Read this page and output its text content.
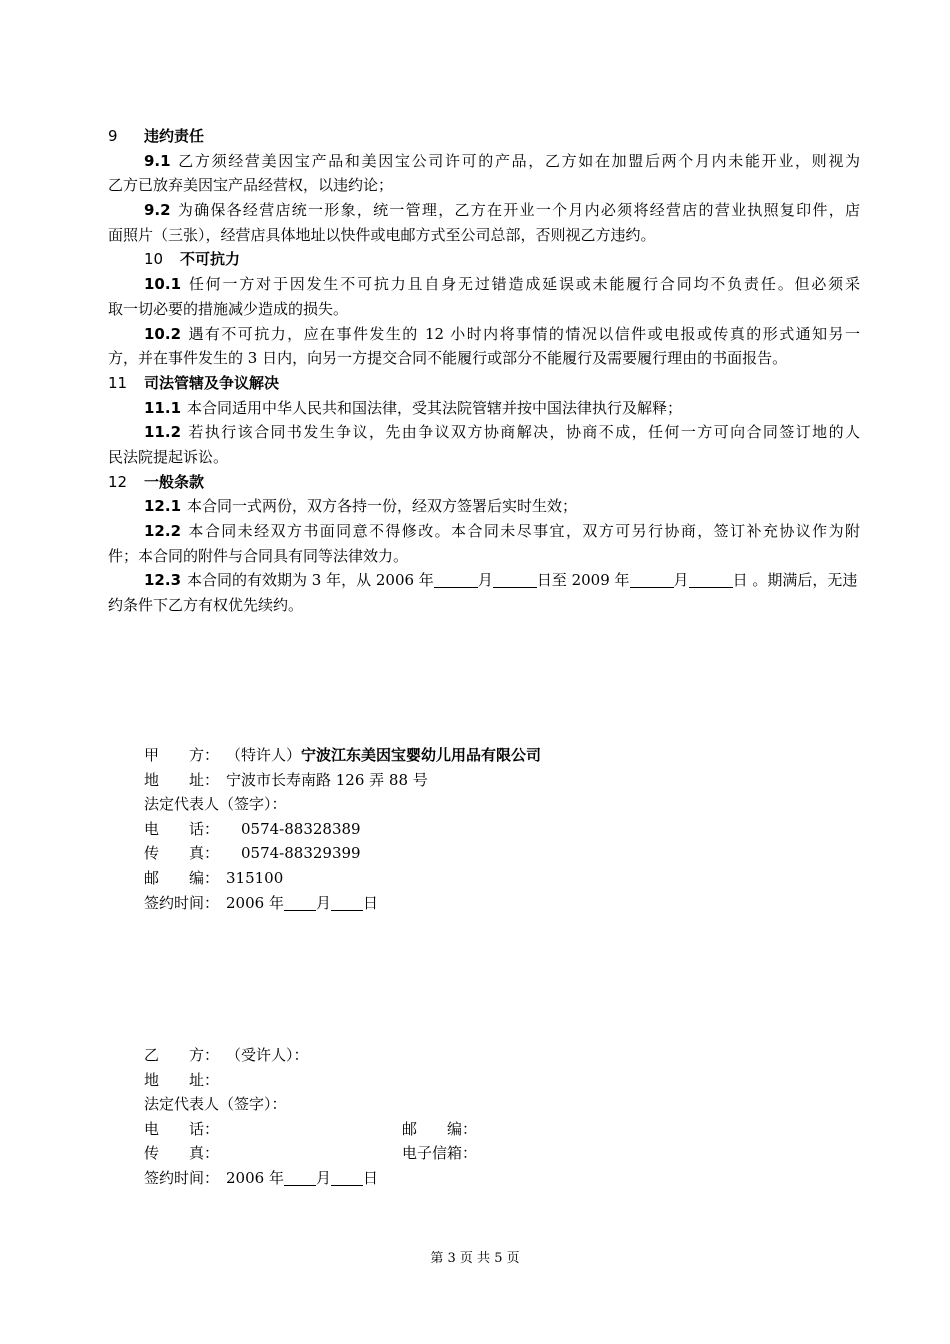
9 违约责任
9.1 乙方须经营美因宝产品和美因宝公司许可的产品，乙方如在加盟后两个月内未能开业，则视为
乙方已放弃美因宝产品经营权，以违约论；
9.2 为确保各经营店统一形象，统一管理，乙方在开业一个月内必须将经营店的营业执照复印件，店
面照片（三张），经营店具体地址以快件或电邮方式至公司总部，否则视乙方违约。
10 不可抗力
10.1 任何一方对于因发生不可抗力且自身无过错造成延误或未能履行合同均不负责任。但必须采
取一切必要的措施减少造成的损失。
10.2 遇有不可抗力，应在事件发生的 12 小时内将事情的情况以信件或电报或传真的形式通知另一
方，并在事件发生的 3 日内，向另一方提交合同不能履行或部分不能履行及需要履行理由的书面报告。
11 司法管辖及争议解决
11.1 本合同适用中华人民共和国法律，受其法院管辖并按中国法律执行及解释；
11.2 若执行该合同书发生争议，先由争议双方协商解决，协商不成，任何一方可向合同签订地的人
民法院提起诉讼。
12 一般条款
12.1 本合同一式两份，双方各持一份，经双方签署后实时生效；
12.2 本合同未经双方书面同意不得修改。本合同未尽事宜，双方可另行协商，签订补充协议作为附
件；本合同的附件与合同具有同等法律效力。
12.3 本合同的有效期为 3 年，从 2006 年	月	日至 2009 年	月	日 。期满后，无违
约条件下乙方有权优先续约。
甲　　方： （特许人）宁波江东美因宝婴幼儿用品有限公司
地　　址： 宁波市长寿南路 126 弄 88 号
法定代表人（签字）：
电　　话：　0574-88328389
传　　真：　0574-88329399
邮　　编： 315100
签约时间： 2006 年 月 日
乙　　方： （受许人）：
地　　址：
法定代表人（签字）：
电　　话：	邮　　编：
传　　真：	电子信箱：
签约时间： 2006 年 月 日
第 3 页 共 5 页
